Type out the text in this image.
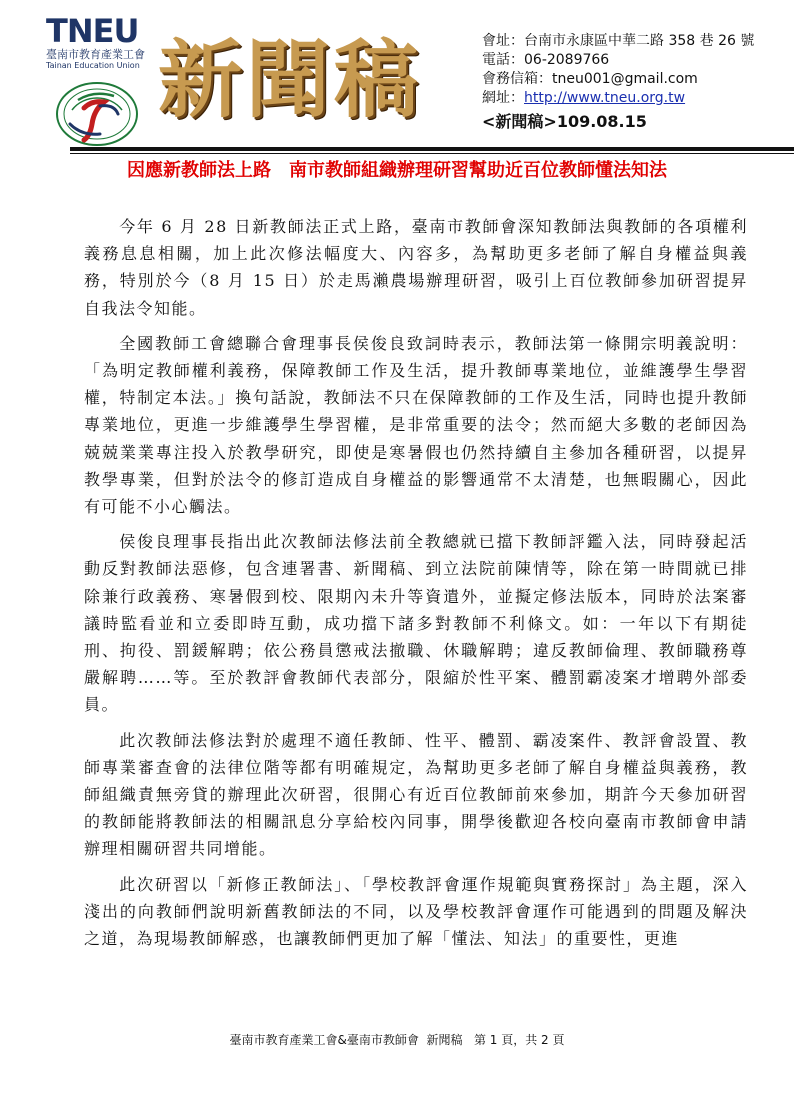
TNEU
臺南市教育產業工會
Tainan Education Union 新聞稿	會址：台南市永康區中華二路 358 巷 26 號
電話：06-2089766
會務信箱：tneu001@gmail.com
網址：http://www.tneu.org.tw
<新聞稿>109.08.15
因應新教師法上路　南市教師組織辦理研習幫助近百位教師懂法知法

今年 6 月 28 日新教師法正式上路，臺南市教師會深知教師法與教師的各項權利義務息息相關，加上此次修法幅度大、內容多，為幫助更多老師了解自身權益與義務，特別於今（8 月 15 日）於走馬瀨農場辦理研習，吸引上百位教師參加研習提昇自我法令知能。

全國教師工會總聯合會理事長侯俊良致詞時表示，教師法第一條開宗明義說明：「為明定教師權利義務，保障教師工作及生活，提升教師專業地位，並維護學生學習權，特制定本法。」換句話說，教師法不只在保障教師的工作及生活，同時也提升教師專業地位，更進一步維護學生學習權，是非常重要的法令；然而絕大多數的老師因為兢兢業業專注投入於教學研究，即使是寒暑假也仍然持續自主參加各種研習，以提昇教學專業，但對於法令的修訂造成自身權益的影響通常不太清楚，也無暇關心，因此有可能不小心觸法。

侯俊良理事長指出此次教師法修法前全教總就已擋下教師評鑑入法，同時發起活動反對教師法惡修，包含連署書、新聞稿、到立法院前陳情等，除在第一時間就已排除兼行政義務、寒暑假到校、限期內未升等資遣外，並擬定修法版本，同時於法案審議時監看並和立委即時互動，成功擋下諸多對教師不利條文。如：一年以下有期徒刑、拘役、罰鍰解聘；依公務員懲戒法撤職、休職解聘；違反教師倫理、教師職務尊嚴解聘……等。至於教評會教師代表部分，限縮於性平案、體罰霸凌案才增聘外部委員。

此次教師法修法對於處理不適任教師、性平、體罰、霸凌案件、教評會設置、教師專業審查會的法律位階等都有明確規定，為幫助更多老師了解自身權益與義務，教師組織責無旁貸的辦理此次研習，很開心有近百位教師前來參加，期許今天參加研習的教師能將教師法的相關訊息分享給校內同事，開學後歡迎各校向臺南市教師會申請辦理相關研習共同增能。

此次研習以「新修正教師法」、「學校教評會運作規範與實務探討」為主題，深入淺出的向教師們說明新舊教師法的不同，以及學校教評會運作可能遇到的問題及解決之道，為現場教師解惑，也讓教師們更加了解「懂法、知法」的重要性，更進

臺南市教育產業工會&臺南市教師會  新聞稿   第 1 頁，共 2 頁
